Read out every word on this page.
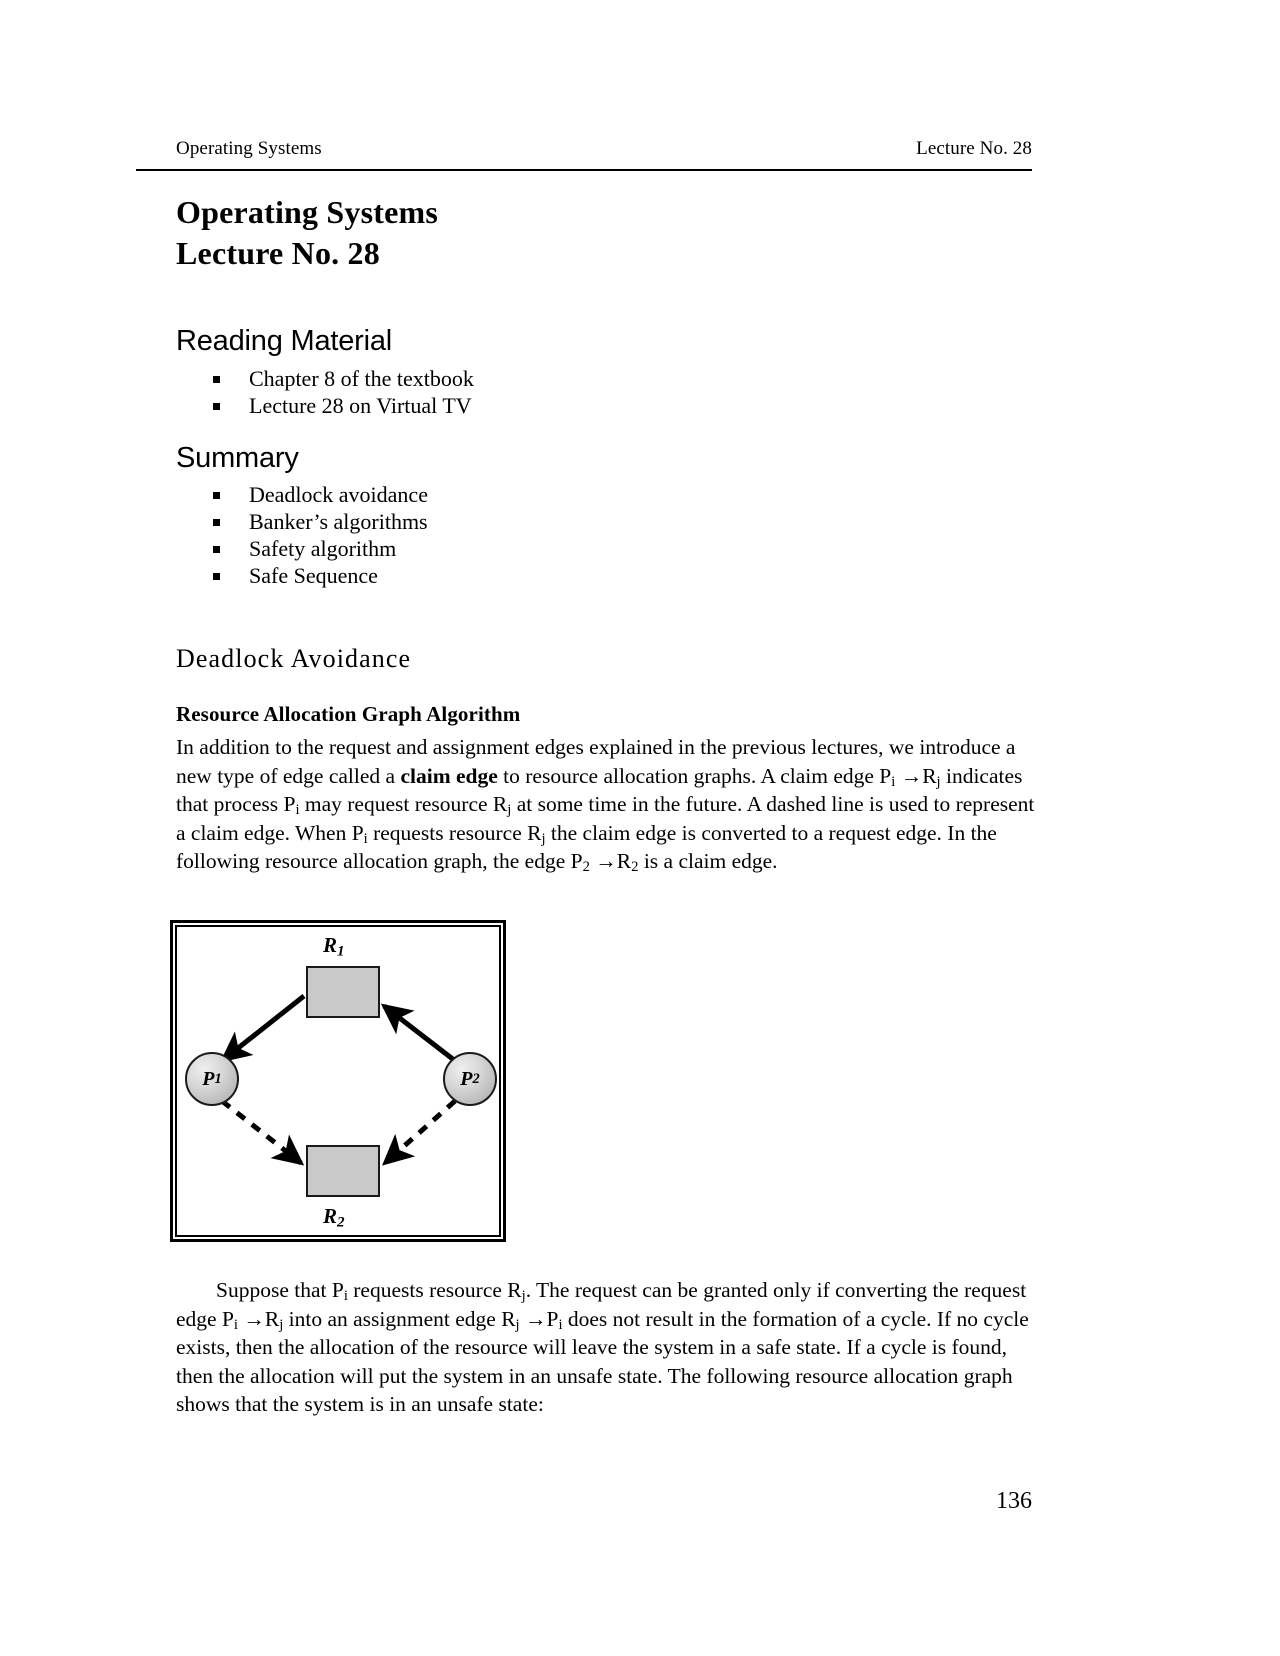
Operating Systems	Lecture No. 28
Operating Systems
Lecture No. 28
Reading Material
Chapter 8 of the textbook
Lecture 28 on Virtual TV
Summary
Deadlock avoidance
Banker’s algorithms
Safety algorithm
Safe Sequence
Deadlock Avoidance
Resource Allocation Graph Algorithm
In addition to the request and assignment edges explained in the previous lectures, we introduce a new type of edge called a claim edge to resource allocation graphs. A claim edge $P_i \to R_j$ indicates that process $P_i$ may request resource $R_j$ at some time in the future. A dashed line is used to represent a claim edge. When $P_i$ requests resource $R_j$ the claim edge is converted to a request edge. In the following resource allocation graph, the edge $P_2 \to R_2$ is a claim edge.
$R_1$
$R_2$
P 1	P 2
Suppose that $P_i$ requests resource $R_j$. The request can be granted only if converting the request edge $P_i \to R_j$ into an assignment edge $R_j \to P_i$ does not result in the formation of a cycle. If no cycle exists, then the allocation of the resource will leave the system in a safe state. If a cycle is found, then the allocation will put the system in an unsafe state. The following resource allocation graph shows that the system is in an unsafe state:
136
